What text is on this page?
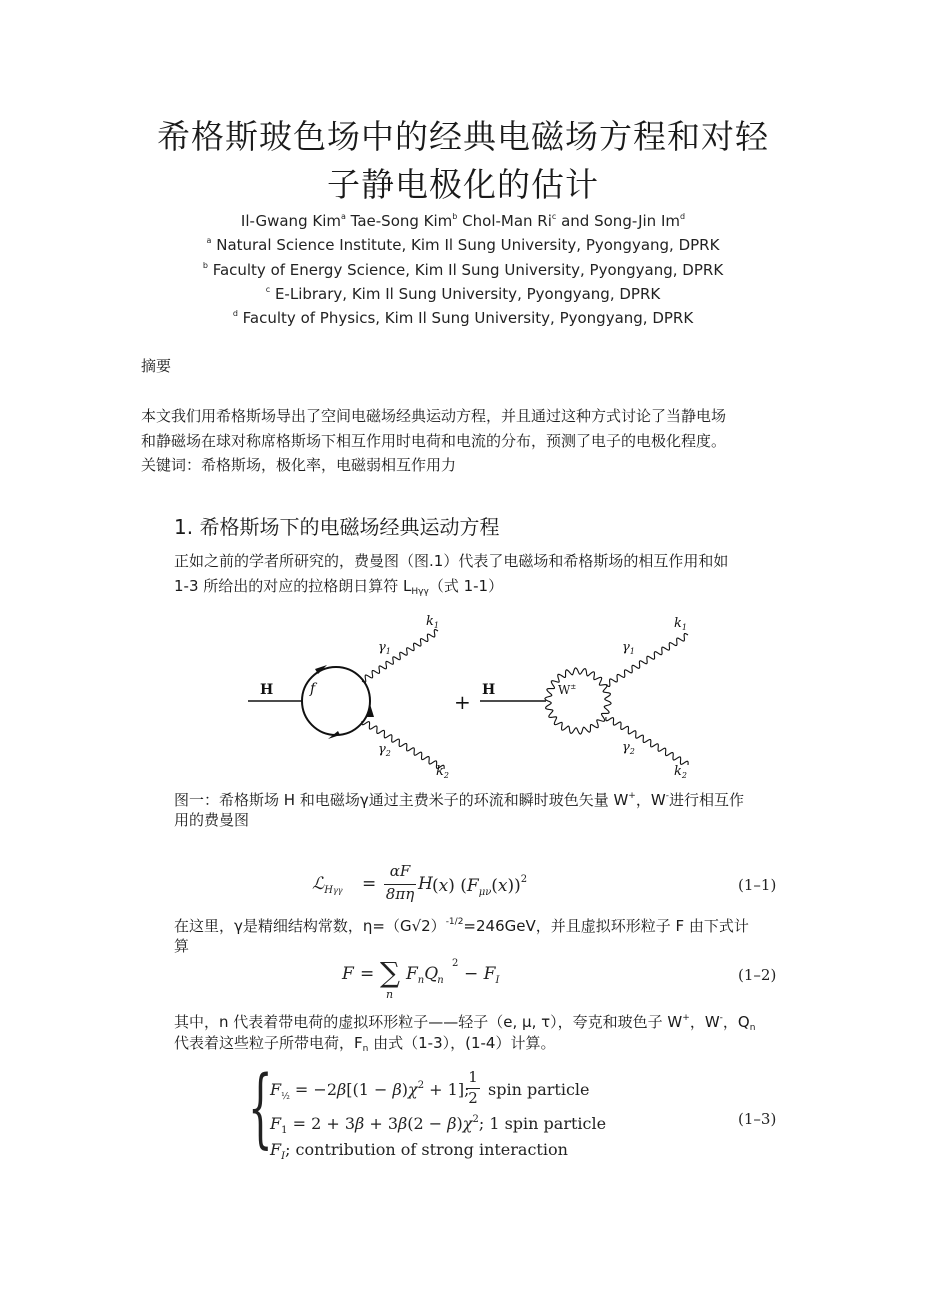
希格斯玻色场中的经典电磁场方程和对轻
子静电极化的估计
Il-Gwang Kim$^a$ Tae-Song Kim$^b$ Chol-Man Ri$^c$ and Song-Jin Im$^d$
$^a$ Natural Science Institute, Kim Il Sung University, Pyongyang, DPRK
$^b$ Faculty of Energy Science, Kim Il Sung University, Pyongyang, DPRK
$^c$ E-Library, Kim Il Sung University, Pyongyang, DPRK
$^d$ Faculty of Physics, Kim Il Sung University, Pyongyang, DPRK
摘要
本文我们用希格斯场导出了空间电磁场经典运动方程，并且通过这种方式讨论了当静电场
和静磁场在球对称席格斯场下相互作用时电荷和电流的分布，预测了电子的电极化程度。
关键词：希格斯场，极化率，电磁弱相互作用力
1. 希格斯场下的电磁场经典运动方程
正如之前的学者所研究的，费曼图（图.1）代表了电磁场和希格斯场的相互作用和如
1-3 所给出的对应的拉格朗日算符 $L_{H\gamma\gamma}$（式 1-1）
H	f
$\gamma_1$
$\gamma_2$
$k_1$
$k_2$
+ H	W±
$\gamma_1$
$\gamma_2$
$k_1$
$k_2$
图一：希格斯场 H 和电磁场γ通过主费米子的环流和瞬时玻色矢量 W+，W-进行相互作
用的费曼图
ℒ$_{H\gamma\gamma}$ =
αF
8πη H (x) $(F_{\mu\nu}(x))^2$	(1–1)
在这里，γ是精细结构常数，$\eta=(G√2)^{-1/2}=246GeV$，并且虚拟环形粒子 F 由下式计
算
F = ∑
n
$F_nQ_n$
2
− $F_I$	(1–2)
其中，n 代表着带电荷的虚拟环形粒子——轻子（e, μ, τ），夸克和玻色子 W+，W-，$Q_n$
代表着这些粒子所带电荷，$F_n$ 由式（1-3），(1-4）计算。
{
$F_{\frac{1}{2}} = -2\beta[(1 - \beta)\chi^2 + 1]$;
1
2 spin particle
$F_1 = 2 + 3\beta + 3\beta(2 - \beta)\chi^2$; 1 spin particle
$F_I$; contribution of strong interaction
(1–3)
